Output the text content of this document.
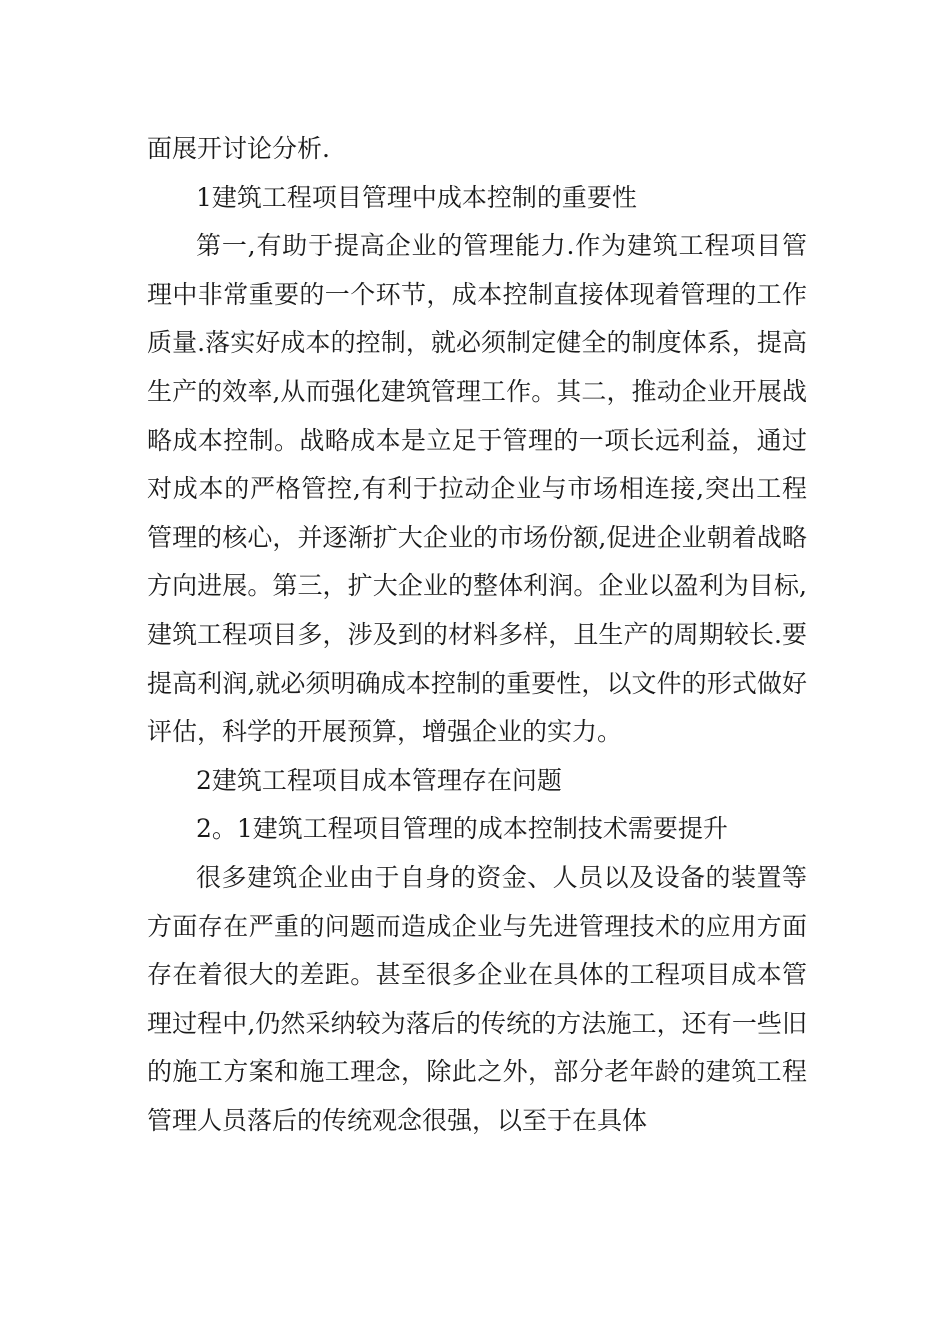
面展开讨论分析.

1建筑工程项目管理中成本控制的重要性

第一,有助于提高企业的管理能力.作为建筑工程项目管理中非常重要的一个环节，成本控制直接体现着管理的工作质量.落实好成本的控制，就必须制定健全的制度体系，提高生产的效率,从而强化建筑管理工作。其二，推动企业开展战略成本控制。战略成本是立足于管理的一项长远利益，通过对成本的严格管控,有利于拉动企业与市场相连接,突出工程管理的核心，并逐渐扩大企业的市场份额,促进企业朝着战略方向进展。第三，扩大企业的整体利润。企业以盈利为目标,建筑工程项目多，涉及到的材料多样，且生产的周期较长.要提高利润,就必须明确成本控制的重要性，以文件的形式做好评估，科学的开展预算，增强企业的实力。

2建筑工程项目成本管理存在问题

2。1建筑工程项目管理的成本控制技术需要提升

很多建筑企业由于自身的资金、人员以及设备的装置等方面存在严重的问题而造成企业与先进管理技术的应用方面存在着很大的差距。甚至很多企业在具体的工程项目成本管理过程中,仍然采纳较为落后的传统的方法施工，还有一些旧的施工方案和施工理念，除此之外，部分老年龄的建筑工程管理人员落后的传统观念很强，以至于在具体
